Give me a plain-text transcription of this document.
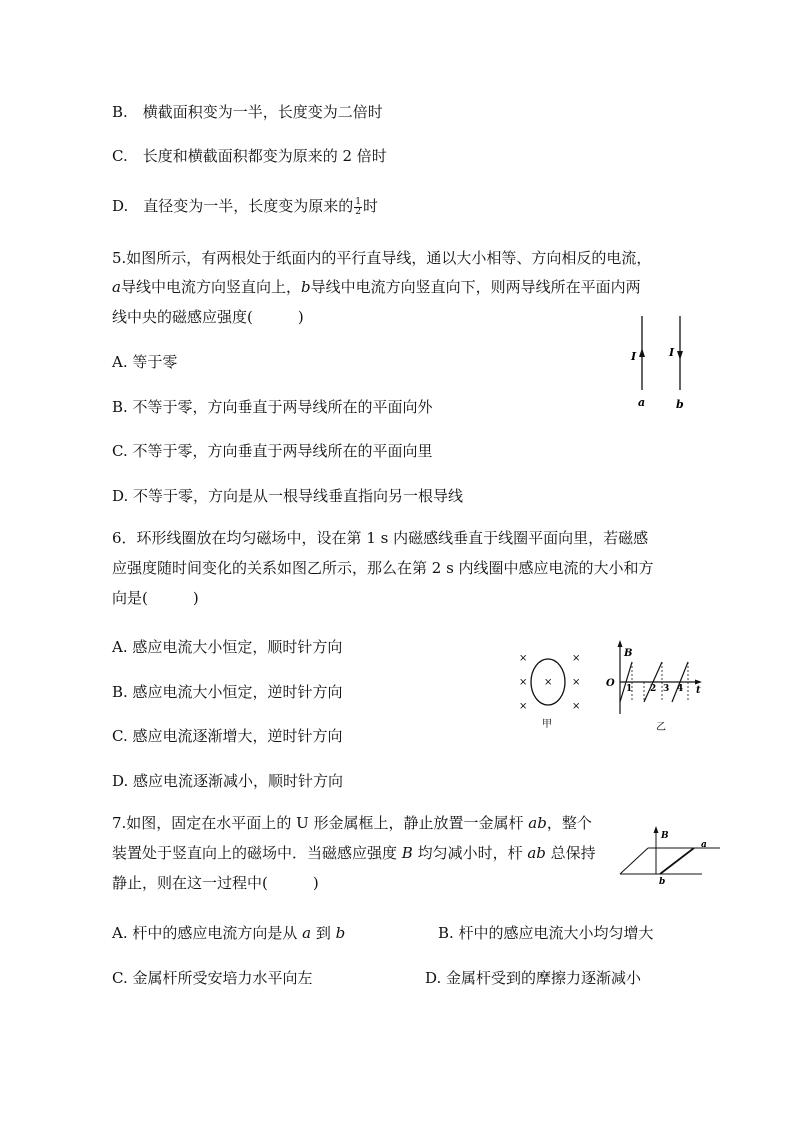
B.　横截面积变为一半，长度变为二倍时
C.　长度和横截面积都变为原来的 2 倍时
D.　直径变为一半，长度变为原来的 $\frac{1}{2}$ 时
5.如图所示，有两根处于纸面内的平行直导线，通以大小相等、方向相反的电流，
a导线中电流方向竖直向上，b导线中电流方向竖直向下，则两导线所在平面内两
线中央的磁感应强度(　　　)
A. 等于零
B. 不等于零，方向垂直于两导线所在的平面向外
C. 不等于零，方向垂直于两导线所在的平面向里
D. 不等于零，方向是从一根导线垂直指向另一根导线
I	I
a	b
6．环形线圈放在均匀磁场中，设在第 1 s 内磁感线垂直于线圈平面向里，若磁感
应强度随时间变化的关系如图乙所示，那么在第 2 s 内线圈中感应电流的大小和方
向是(　　　)
A. 感应电流大小恒定，顺时针方向
B. 感应电流大小恒定，逆时针方向
C. 感应电流逐渐增大，逆时针方向
D. 感应电流逐渐减小，顺时针方向
×	×
× × ×
×	×
甲
B
t
O 1 2 3 4
乙
7.如图，固定在水平面上的 U 形金属框上，静止放置一金属杆 ab，整个
装置处于竖直向上的磁场中．当磁感应强度 B 均匀减小时，杆 ab 总保持
静止，则在这一过程中(　　　)
A. 杆中的感应电流方向是从 a 到 b	B. 杆中的感应电流大小均匀增大
C. 金属杆所受安培力水平向左	D. 金属杆受到的摩擦力逐渐减小
B
a
b
